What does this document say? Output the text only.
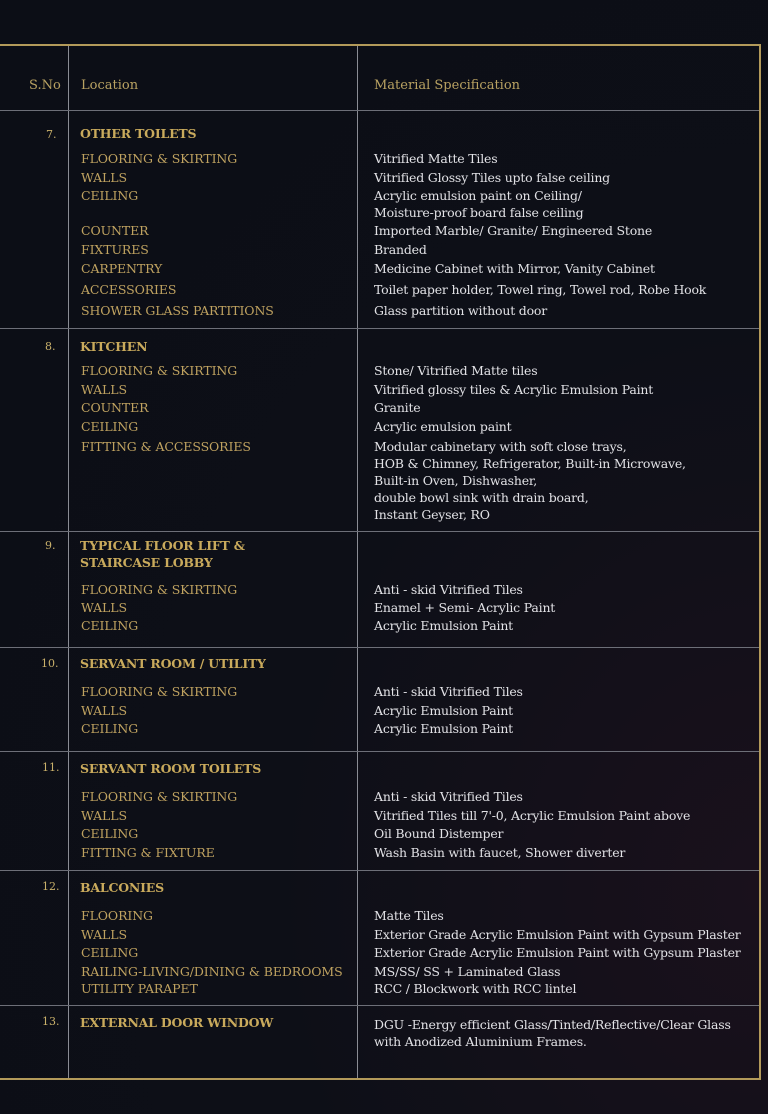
S.No Location	Material Specification
7. OTHER TOILETS
FLOORING & SKIRTING	Vitrified Matte Tiles
WALLS	Vitrified Glossy Tiles upto false ceiling
CEILING	Acrylic emulsion paint on Ceiling/
Moisture-proof board false ceiling
COUNTER	Imported Marble/ Granite/ Engineered Stone
FIXTURES	Branded
CARPENTRY	Medicine Cabinet with Mirror, Vanity Cabinet
ACCESSORIES	Toilet paper holder, Towel ring, Towel rod, Robe Hook
SHOWER GLASS PARTITIONS	Glass partition without door
8. KITCHEN
FLOORING & SKIRTING	Stone/ Vitrified Matte tiles
WALLS	Vitrified glossy tiles & Acrylic Emulsion Paint
COUNTER	Granite
CEILING	Acrylic emulsion paint
FITTING & ACCESSORIES	Modular cabinetary with soft close trays,
HOB & Chimney, Refrigerator, Built-in Microwave,
Built-in Oven, Dishwasher,
double bowl sink with drain board,
Instant Geyser, RO
9. TYPICAL FLOOR LIFT &
STAIRCASE LOBBY
FLOORING & SKIRTING	Anti - skid Vitrified Tiles
WALLS	Enamel + Semi- Acrylic Paint
CEILING	Acrylic Emulsion Paint
10. SERVANT ROOM / UTILITY
FLOORING & SKIRTING	Anti - skid Vitrified Tiles
WALLS	Acrylic Emulsion Paint
CEILING	Acrylic Emulsion Paint
11. SERVANT ROOM TOILETS
FLOORING & SKIRTING	Anti - skid Vitrified Tiles
WALLS	Vitrified Tiles till 7'-0, Acrylic Emulsion Paint above
CEILING	Oil Bound Distemper
FITTING & FIXTURE	Wash Basin with faucet, Shower diverter
12. BALCONIES
FLOORING	Matte Tiles
WALLS	Exterior Grade Acrylic Emulsion Paint with Gypsum Plaster
CEILING	Exterior Grade Acrylic Emulsion Paint with Gypsum Plaster
RAILING-LIVING/DINING & BEDROOMS	MS/SS/ SS + Laminated Glass
UTILITY PARAPET	RCC / Blockwork with RCC lintel
13. EXTERNAL DOOR WINDOW	DGU -Energy efficient Glass/Tinted/Reflective/Clear Glass
with Anodized Aluminium Frames.
